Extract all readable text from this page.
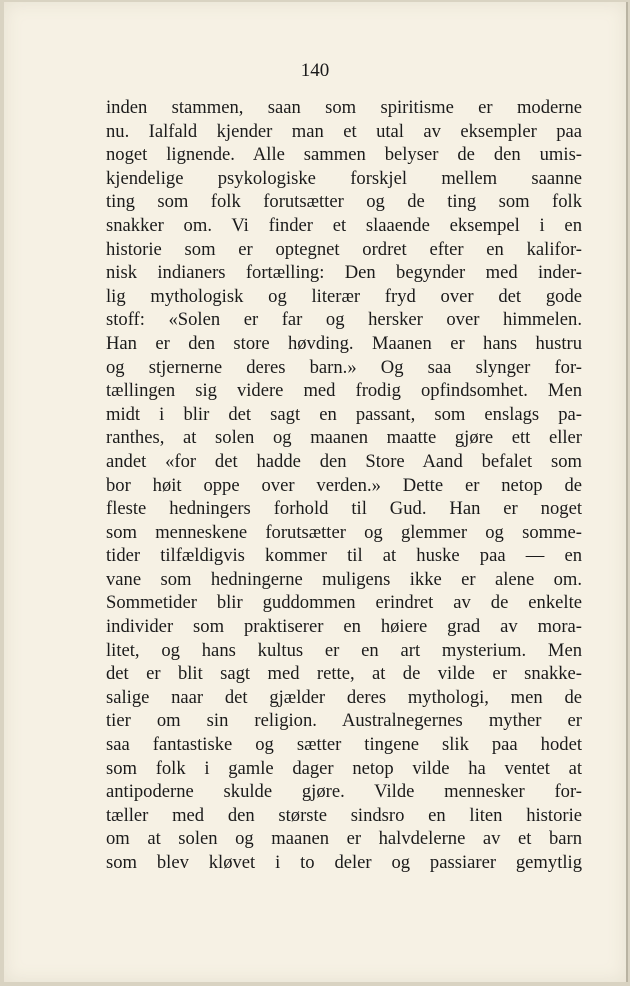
140
inden stammen, saan som spiritisme er moderne
nu. Ialfald kjender man et utal av eksempler paa
noget lignende. Alle sammen belyser de den umis-
kjendelige psykologiske forskjel mellem saanne
ting som folk forutsætter og de ting som folk
snakker om. Vi finder et slaaende eksempel i en
historie som er optegnet ordret efter en kalifor-
nisk indianers fortælling: Den begynder med inder-
lig mythologisk og literær fryd over det gode
stoff: «Solen er far og hersker over himmelen.
Han er den store høvding. Maanen er hans hustru
og stjernerne deres barn.» Og saa slynger for-
tællingen sig videre med frodig opfindsomhet. Men
midt i blir det sagt en passant, som enslags pa-
ranthes, at solen og maanen maatte gjøre ett eller
andet «for det hadde den Store Aand befalet som
bor høit oppe over verden.» Dette er netop de
fleste hedningers forhold til Gud. Han er noget
som menneskene forutsætter og glemmer og somme-
tider tilfældigvis kommer til at huske paa — en
vane som hedningerne muligens ikke er alene om.
Sommetider blir guddommen erindret av de enkelte
individer som praktiserer en høiere grad av mora-
litet, og hans kultus er en art mysterium. Men
det er blit sagt med rette, at de vilde er snakke-
salige naar det gjælder deres mythologi, men de
tier om sin religion. Australnegernes myther er
saa fantastiske og sætter tingene slik paa hodet
som folk i gamle dager netop vilde ha ventet at
antipoderne skulde gjøre. Vilde mennesker for-
tæller med den største sindsro en liten historie
om at solen og maanen er halvdelerne av et barn
som blev kløvet i to deler og passiarer gemytlig
